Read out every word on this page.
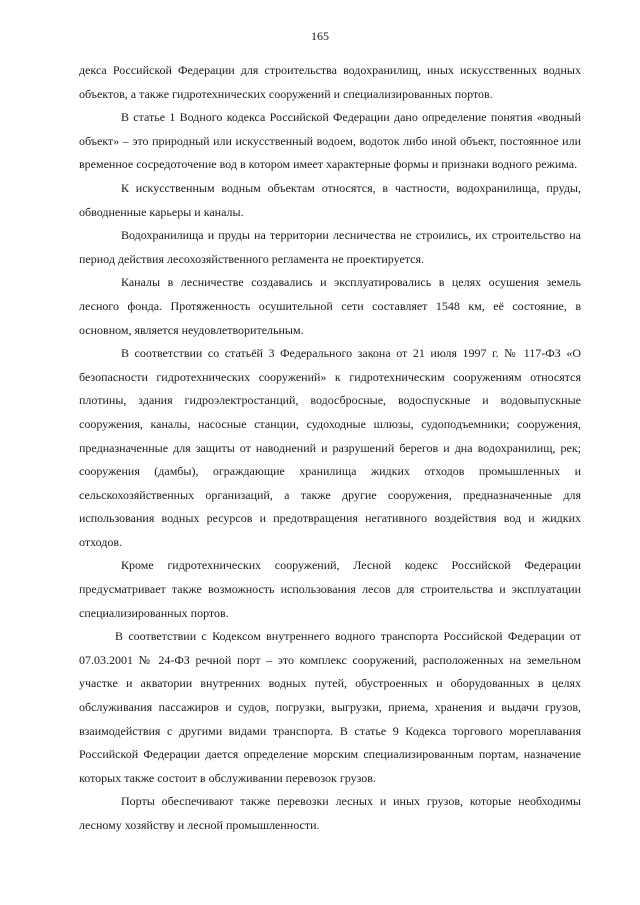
165

декса Российской Федерации для строительства водохранилищ, иных искусственных водных объектов, а также гидротехнических сооружений и специализированных портов.

В статье 1 Водного кодекса Российской Федерации дано определение понятия «водный объект» – это природный или искусственный водоем, водоток либо иной объект, постоянное или временное сосредоточение вод в котором имеет характерные формы и признаки водного режима.

К искусственным водным объектам относятся, в частности, водохранилища, пруды, обводненные карьеры и каналы.

Водохранилища и пруды на территории лесничества не строились, их строительство на период действия лесохозяйственного регламента не проектируется.

Каналы в лесничестве создавались и эксплуатировались в целях осушения земель лесного фонда. Протяженность осушительной сети составляет 1548 км, её состояние, в основном, является неудовлетворительным.

В соответствии со статьёй 3 Федерального закона от 21 июля 1997 г. № 117-ФЗ «О безопасности гидротехнических сооружений» к гидротехническим сооружениям относятся плотины, здания гидроэлектростанций, водосбросные, водоспускные и водовыпускные сооружения, каналы, насосные станции, судоходные шлюзы, судоподъемники; сооружения, предназначенные для защиты от наводнений и разрушений берегов и дна водохранилищ, рек; сооружения (дамбы), ограждающие хранилища жидких отходов промышленных и сельскохозяйственных организаций, а также другие сооружения, предназначенные для использования водных ресурсов и предотвращения негативного воздействия вод и жидких отходов.

Кроме гидротехнических сооружений, Лесной кодекс Российской Федерации предусматривает также возможность использования лесов для строительства и эксплуатации специализированных портов.

В соответствии с Кодексом внутреннего водного транспорта Российской Федерации от 07.03.2001 № 24-ФЗ речной порт – это комплекс сооружений, расположенных на земельном участке и акватории внутренних водных путей, обустроенных и оборудованных в целях обслуживания пассажиров и судов, погрузки, выгрузки, приема, хранения и выдачи грузов, взаимодействия с другими видами транспорта. В статье 9 Кодекса торгового мореплавания Российской Федерации дается определение морским специализированным портам, назначение которых также состоит в обслуживании перевозок грузов.

Порты обеспечивают также перевозки лесных и иных грузов, которые необходимы лесному хозяйству и лесной промышленности.
